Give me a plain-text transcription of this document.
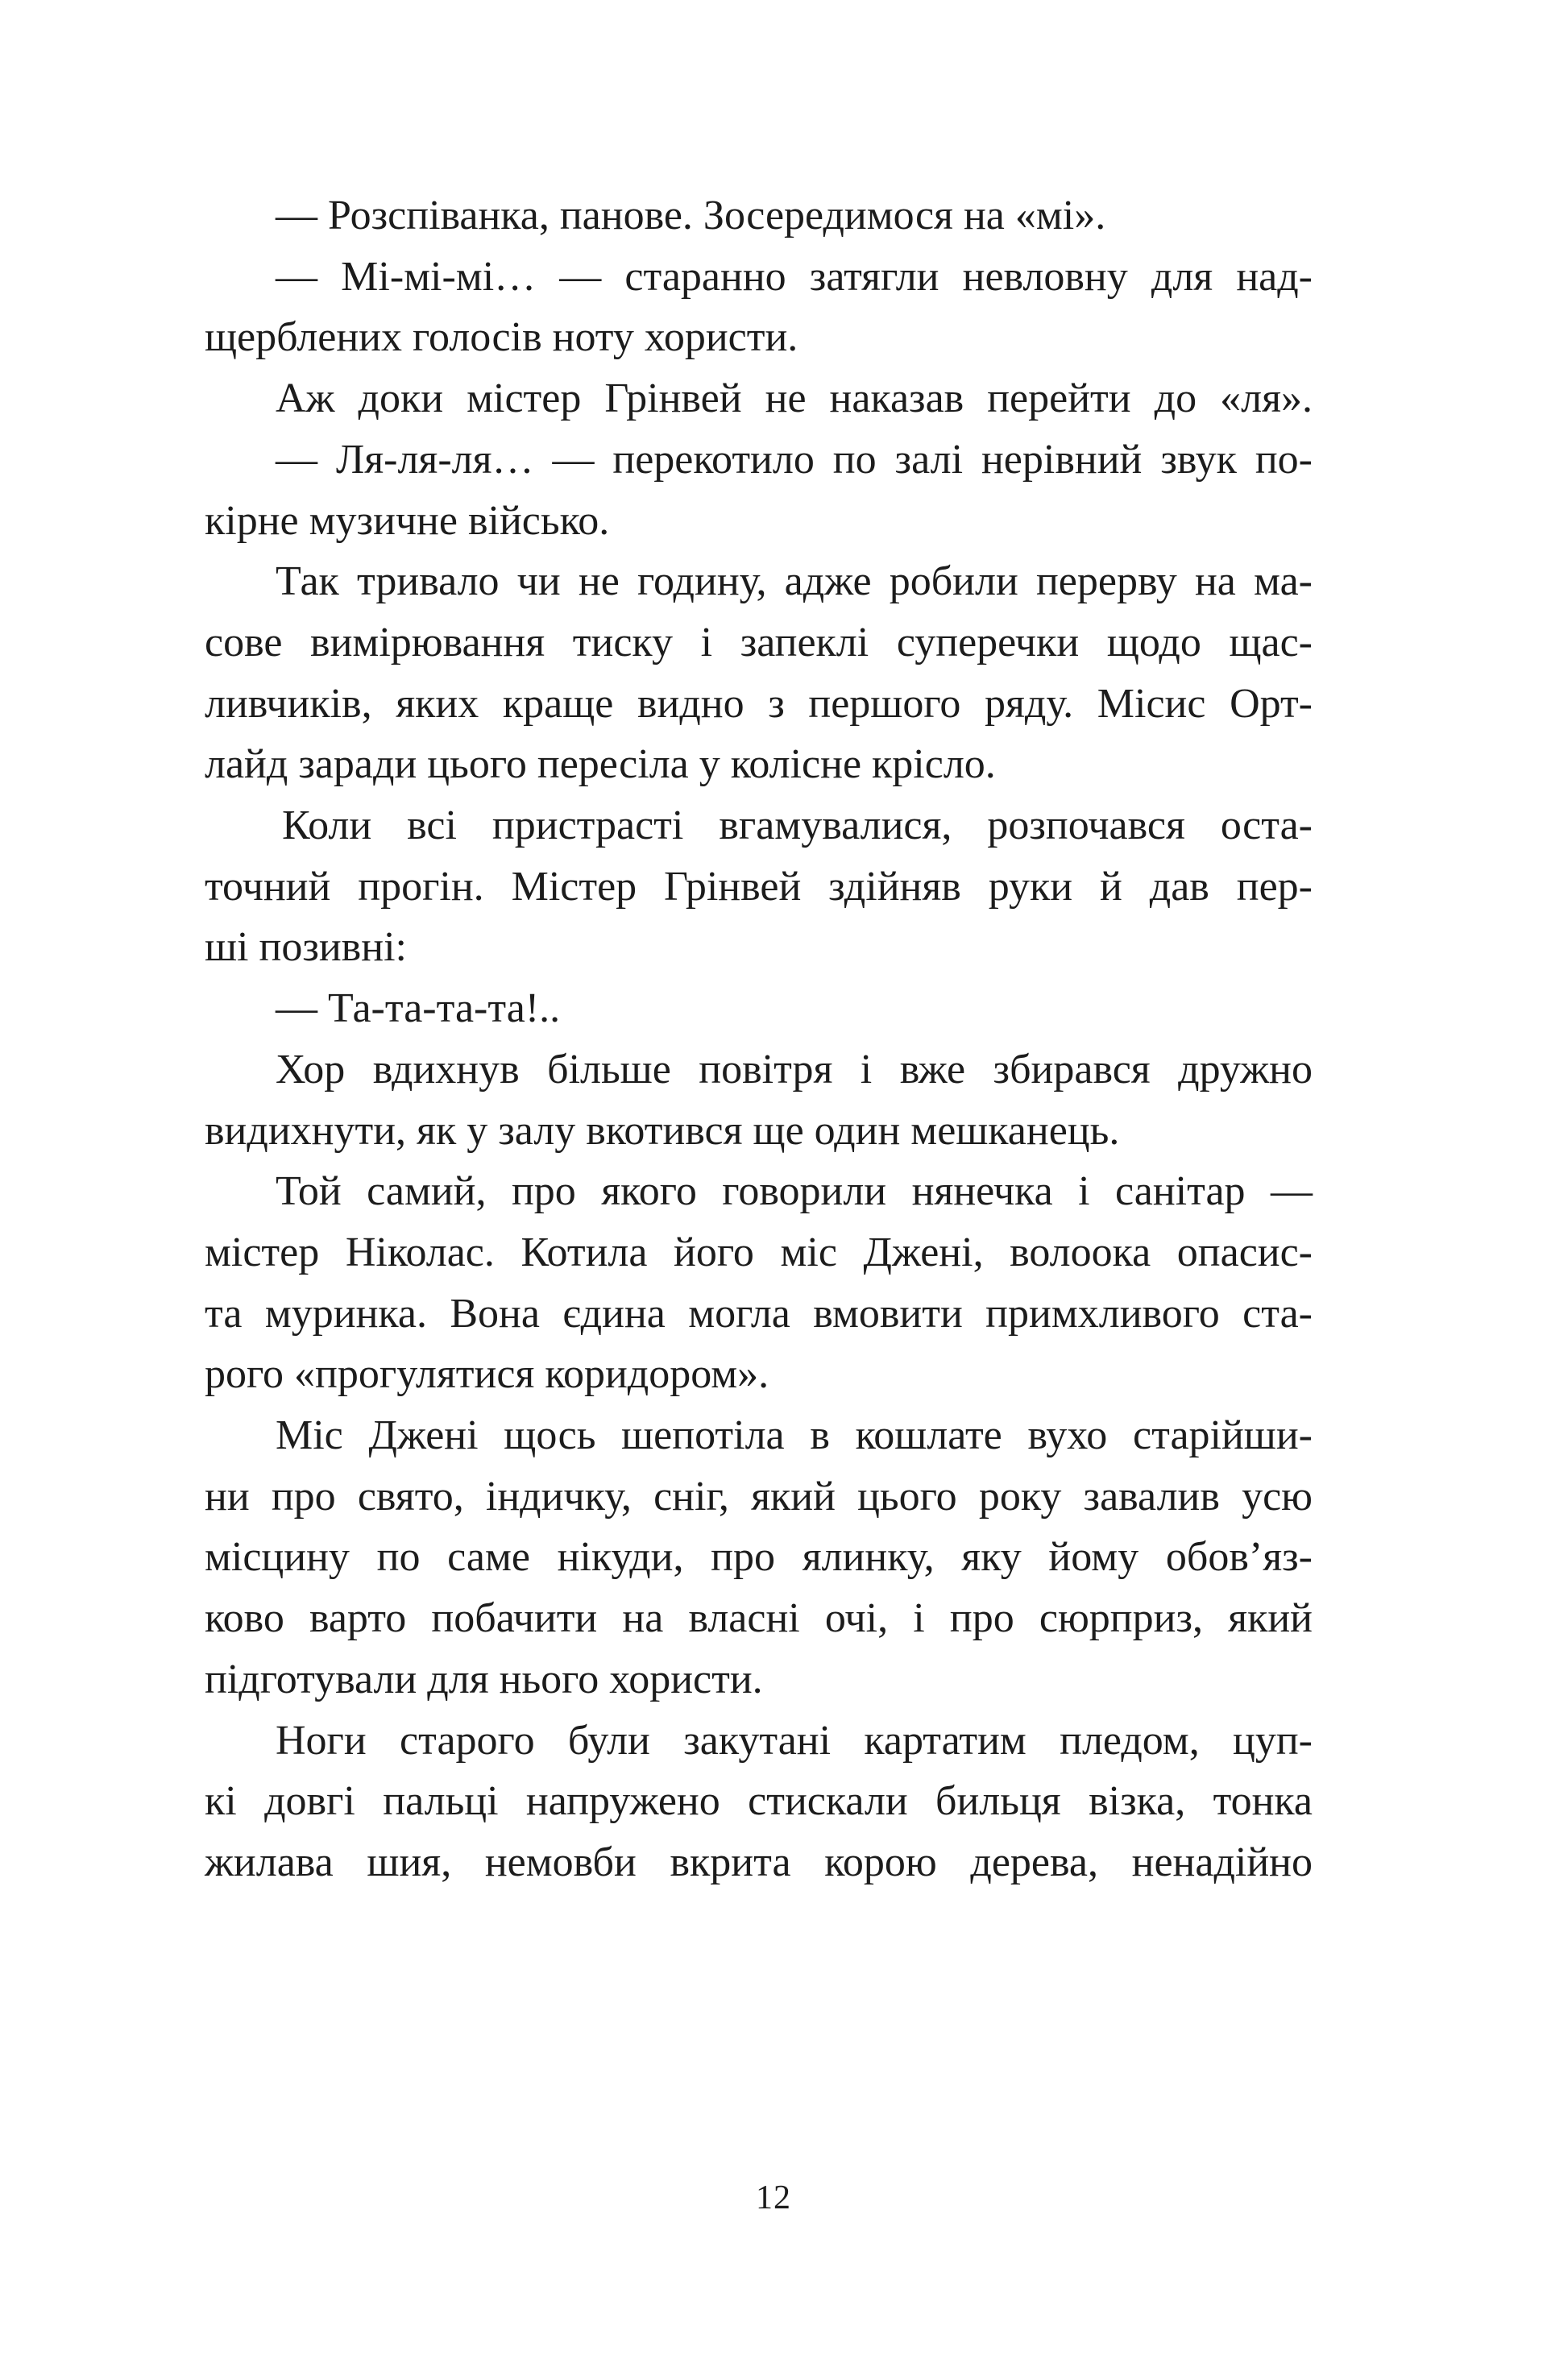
— Розспіванка, панове. Зосередимося на «мі».
— Мі-мі-мі… — старанно затягли невловну для над-
щерблених голосів ноту хористи.
Аж доки містер Грінвей не наказав перейти до «ля».
— Ля-ля-ля… — перекотило по залі нерівний звук по-
кірне музичне військо.
Так тривало чи не годину, адже робили перерву на ма-
сове вимірювання тиску і запеклі суперечки щодо щас-
ливчиків, яких краще видно з першого ряду. Місис Орт-
лайд заради цього пересіла у колісне крісло.
Коли всі пристрасті вгамувалися, розпочався оста-
точний прогін. Містер Грінвей здійняв руки й дав пер-
ші позивні:
— Та-та-та-та!..
Хор вдихнув більше повітря і вже збирався дружно
видихнути, як у залу вкотився ще один мешканець.
Той самий, про якого говорили нянечка і санітар —
містер Ніколас. Котила його міс Джені, волоока опасис-
та муринка. Вона єдина могла вмовити примхливого ста-
рого «прогулятися коридором».
Міс Джені щось шепотіла в кошлате вухо старійши-
ни про свято, індичку, сніг, який цього року завалив усю
місцину по саме нікуди, про ялинку, яку йому обов’яз-
ково варто побачити на власні очі, і про сюрприз, який
підготували для нього хористи.
Ноги старого були закутані картатим пледом, цуп-
кі довгі пальці напружено стискали бильця візка, тонка
жилава шия, немовби вкрита корою дерева, ненадійно
12
